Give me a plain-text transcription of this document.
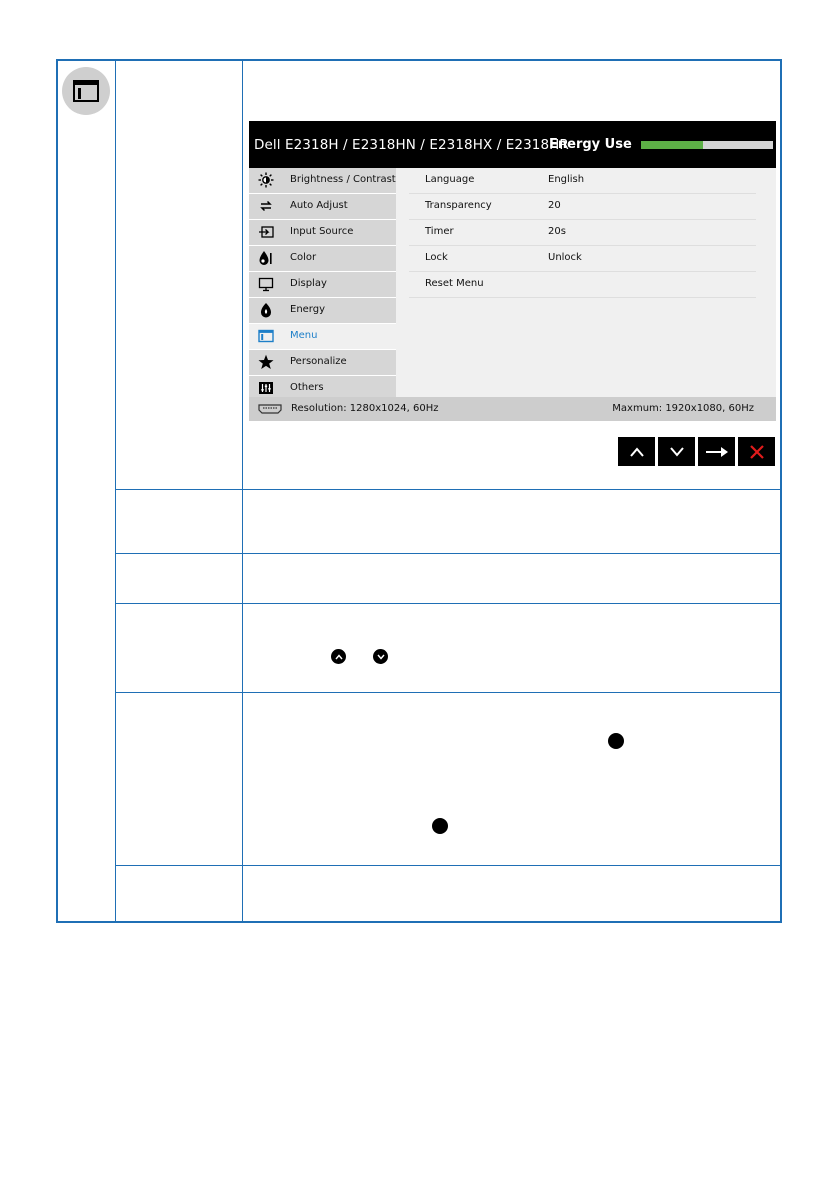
Dell E2318H / E2318HN / E2318HX / E2318HR
Energy Use
Brightness / Contrast
Auto Adjust
Input Source
Color
Display
Energy
Menu
Personalize
Others
Language	English
Transparency	20
Timer	20s
Lock	Unlock
Reset Menu
Resolution: 1280x1024, 60Hz	Maxmum: 1920x1080, 60Hz
